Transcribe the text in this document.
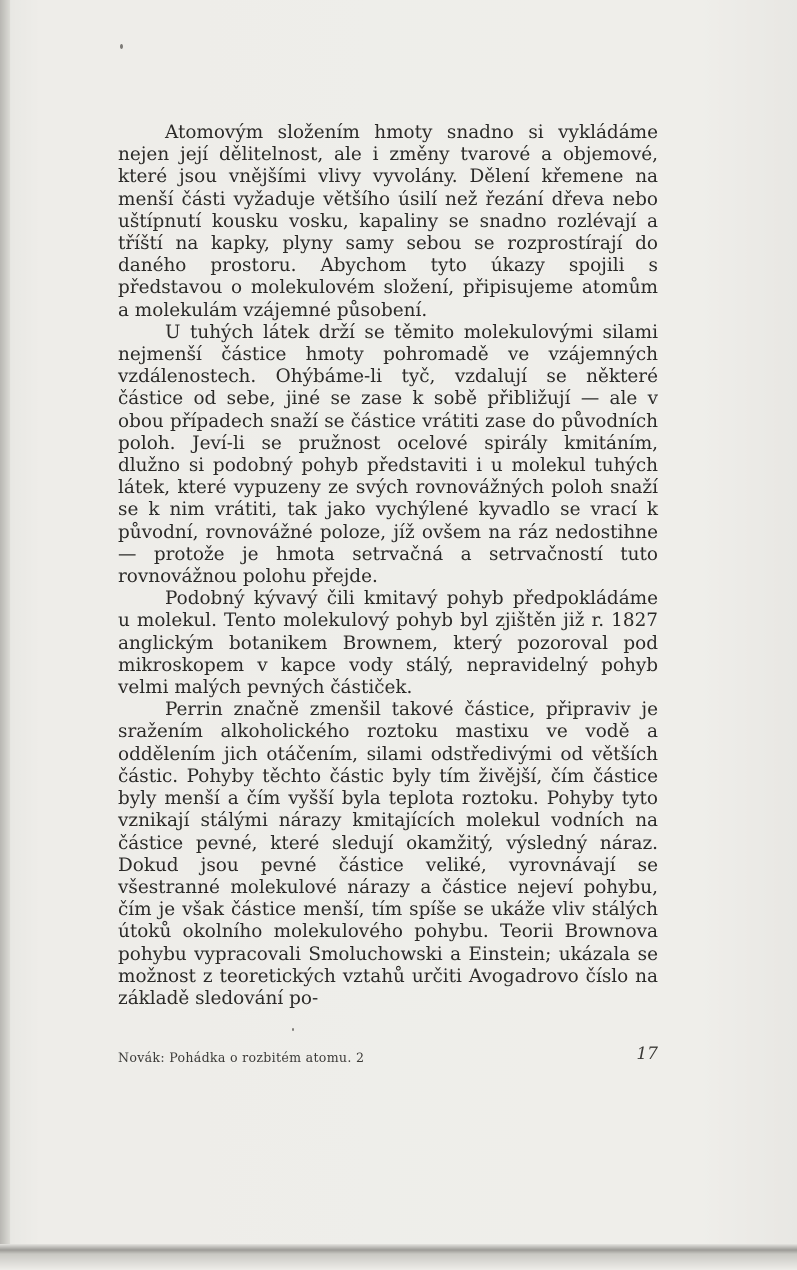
Atomovým složením hmoty snadno si vykládáme nejen její dělitelnost, ale i změny tvarové a objemové, které jsou vnějšími vlivy vyvolány. Dělení křemene na menší části vyžaduje většího úsilí než řezání dřeva nebo uštípnutí kousku vosku, kapaliny se snadno rozlévají a tříští na kapky, plyny samy sebou se rozprostírají do daného prostoru. Abychom tyto úkazy spojili s představou o molekulovém složení, připisujeme atomům a molekulám vzájemné působení.

U tuhých látek drží se těmito molekulovými silami nejmenší částice hmoty pohromadě ve vzájemných vzdálenostech. Ohýbáme-li tyč, vzdalují se některé částice od sebe, jiné se zase k sobě přibližují — ale v obou případech snaží se částice vrátiti zase do původních poloh. Jeví-li se pružnost ocelové spirály kmitáním, dlužno si podobný pohyb představiti i u molekul tuhých látek, které vypuzeny ze svých rovnovážných poloh snaží se k nim vrátiti, tak jako vychýlené kyvadlo se vrací k původní, rovnovážné poloze, jíž ovšem na ráz nedostihne — protože je hmota setrvačná a setrvačností tuto rovnovážnou polohu přejde.

Podobný kývavý čili kmitavý pohyb předpokládáme u molekul. Tento molekulový pohyb byl zjištěn již r. 1827 anglickým botanikem Brownem, který pozoroval pod mikroskopem v kapce vody stálý, nepravidelný pohyb velmi malých pevných částiček.

Perrin značně zmenšil takové částice, připraviv je sražením alkoholického roztoku mastixu ve vodě a oddělením jich otáčením, silami odstředivými od větších částic. Pohyby těchto částic byly tím živější, čím částice byly menší a čím vyšší byla teplota roztoku. Pohyby tyto vznikají stálými nárazy kmitajících molekul vodních na částice pevné, které sledují okamžitý, výsledný náraz. Dokud jsou pevné částice veliké, vyrovnávají se všestranné molekulové nárazy a částice nejeví pohybu, čím je však částice menší, tím spíše se ukáže vliv stálých útoků okolního molekulového pohybu. Teorii Brownova pohybu vypracovali Smoluchowski a Einstein; ukázala se možnost z teoretických vztahů určiti Avogadrovo číslo na základě sledování po-

Novák: Pohádka o rozbitém atomu. 2	17
